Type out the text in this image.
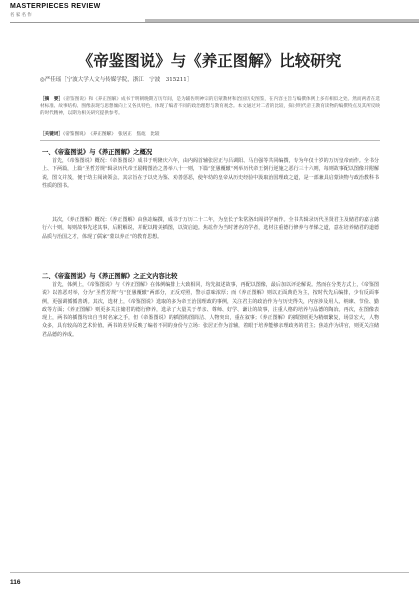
MASTERPIECES REVIEW
名 家 名 作
《帝鉴图说》与《养正图解》比较研究
◎严佳瑶［宁波大学人文与传媒学院，浙江　宁波　315211］
［摘　要］《帝鉴图说》和《养正图解》成书于明朝晚期万历年间，是为辅佐明神宗的启蒙教材和治国历史图鉴，在内容主旨与编撰体例上多有相似之处。然而两者在选材标准、故事结构、图像表现与思想倾向上又各具特色，体现了编者不同的政治理想与教育观念。本文通过对二者的比较，探讨明代帝王教育读物的编撰特点及其所反映的时代精神，以期为相关研究提供参考。
［关键词］《帝鉴图说》　《养正图解》　张居正　焦竑　比较
一、《帝鉴图说》与《养正图解》之概况
首先，《帝鉴图说》概况：《帝鉴图说》成书于明隆庆六年，由内阁首辅张居正与吕调阳、马自强等共同编撰，专为年仅十岁的万历皇帝而作。全书分上、下两篇，上篇“圣哲芳规”辑录历代帝王励精图治之善举八十一则，下篇“狂愚覆辙”列举历代帝王倒行逆施之恶行三十六则，每则故事配以图像并附解说，图文并茂，便于幼主阅读领会。其宗旨在于以史为鉴、劝善惩恶，使年幼的皇帝从历史经验中汲取治国理政之道，是一部兼具启蒙读物与政治教科书性质的图书。
其次，《养正图解》概况：《养正图解》由焦竑编撰，成书于万历二十二年，为皇长子朱常洛出阁讲学而作。全书共辑录历代圣贤君主及储君的嘉言懿行六十则，每则故事先述其事，后附解说，并配以精美插图，以资启迪。焦竑作为当时著名的学者，选材注重德行修养与孝悌之道，意在培养储君的道德品质与治国之才，体现了儒家“蒙以养正”的教育思想。
二、《帝鉴图说》与《养正图解》之正文内容比较
首先，体例上，《帝鉴图说》与《养正图解》在体例编排上大致相同，均先叙述故事，再配以图像，最后加以评论解说。然而在分类方式上，《帝鉴图说》以善恶对举，分为“圣哲芳规”与“狂愚覆辙”两部分，正反对照，警示意味浓厚；而《养正图解》则以正面典范为主，按时代先后编排，少有反面事例，更强调循循善诱。其次，选材上，《帝鉴图说》选取的多为帝王治国理政的事例，关注君主的政治作为与历史得失，内容涉及用人、纳谏、节俭、勤政等方面；《养正图解》则更多关注储君的德行修养，选录了大量关于孝亲、尊师、好学、谦让的故事，注重人格的培养与品德的陶冶。再次，在图像表现上，两书的插图均出自当时名家之手，但《帝鉴图说》的插图构图简洁、人物突出，重在叙事；《养正图解》的插图则更为精细繁复，场景宏大，人物众多，具有较高的艺术价值。两书的差异反映了编者不同的身份与立场：张居正作为首辅，着眼于培养能够亲理政务的君主；焦竑作为讲官，则更关注储君品德的养成。
116
